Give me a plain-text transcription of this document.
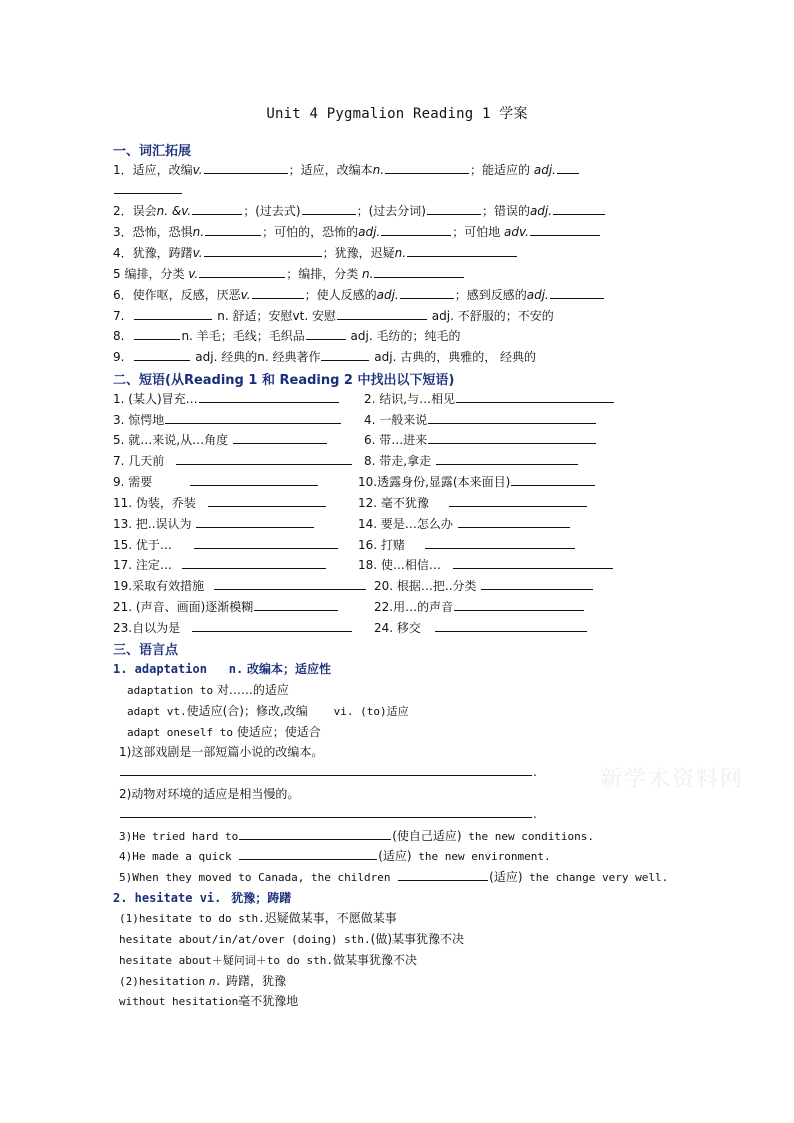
Unit 4 Pygmalion Reading 1 学案
一、词汇拓展
1．适应，改编v.	；适应，改编本n.	；能适应的 adj.
2．误会n. &v.	；(过去式)	；(过去分词)	；错误的adj.
3．恐怖，恐惧n.	；可怕的，恐怖的adj.	；可怕地 adv.
4．犹豫，踌躇v.	；犹豫，迟疑n.
5 编排，分类 v.	；编排，分类 n.
6．使作呕，反感，厌恶v.	；使人反感的adj.	；感到反感的adj.
7.	n. 舒适；安慰vt. 安慰	adj. 不舒服的；不安的
8.	n. 羊毛；毛线；毛织品	adj. 毛纺的；纯毛的
9.	adj. 经典的n. 经典著作	adj. 古典的，典雅的， 经典的
二、短语(从Reading 1 和 Reading 2 中找出以下短语)
1. (某人)冒充…	2. 结识,与…相见
3. 惊愕地	4. 一般来说
5. 就…来说,从…角度	6. 带…进来
7. 几天前	8. 带走,拿走
9. 需要	10.透露身份,显露(本来面目)
11. 伪装，乔装	12. 毫不犹豫
13. 把..误认为	14. 要是…怎么办
15. 优于…	16. 打赌
17. 注定…	18. 使…相信…
19.采取有效措施	20. 根据…把..分类
21. (声音、画面)逐渐模糊	22.用…的声音
23.自以为是	24. 移交
三、语言点
1. adaptation n. 改编本；适应性
adaptation to 对……的适应
adapt vt.使适应(合)；修改,改编 vi. (to)适应
adapt oneself to 使适应；使适合
1)这部戏剧是一部短篇小说的改编本。
.
2)动物对环境的适应是相当慢的。
.
3)He tried hard to	(使自己适应) the new conditions.
4)He made a quick	(适应) the new environment.
5)When they moved to Canada, the children	(适应) the change very well.
2. hesitate vi. 犹豫；踌躇
(1)hesitate to do sth.迟疑做某事，不愿做某事
hesitate about/in/at/over (doing) sth.(做)某事犹豫不决
hesitate about＋疑问词＋to do sth.做某事犹豫不决
(2)hesitation n. 踌躇，犹豫
without hesitation毫不犹豫地
新学术资料网
